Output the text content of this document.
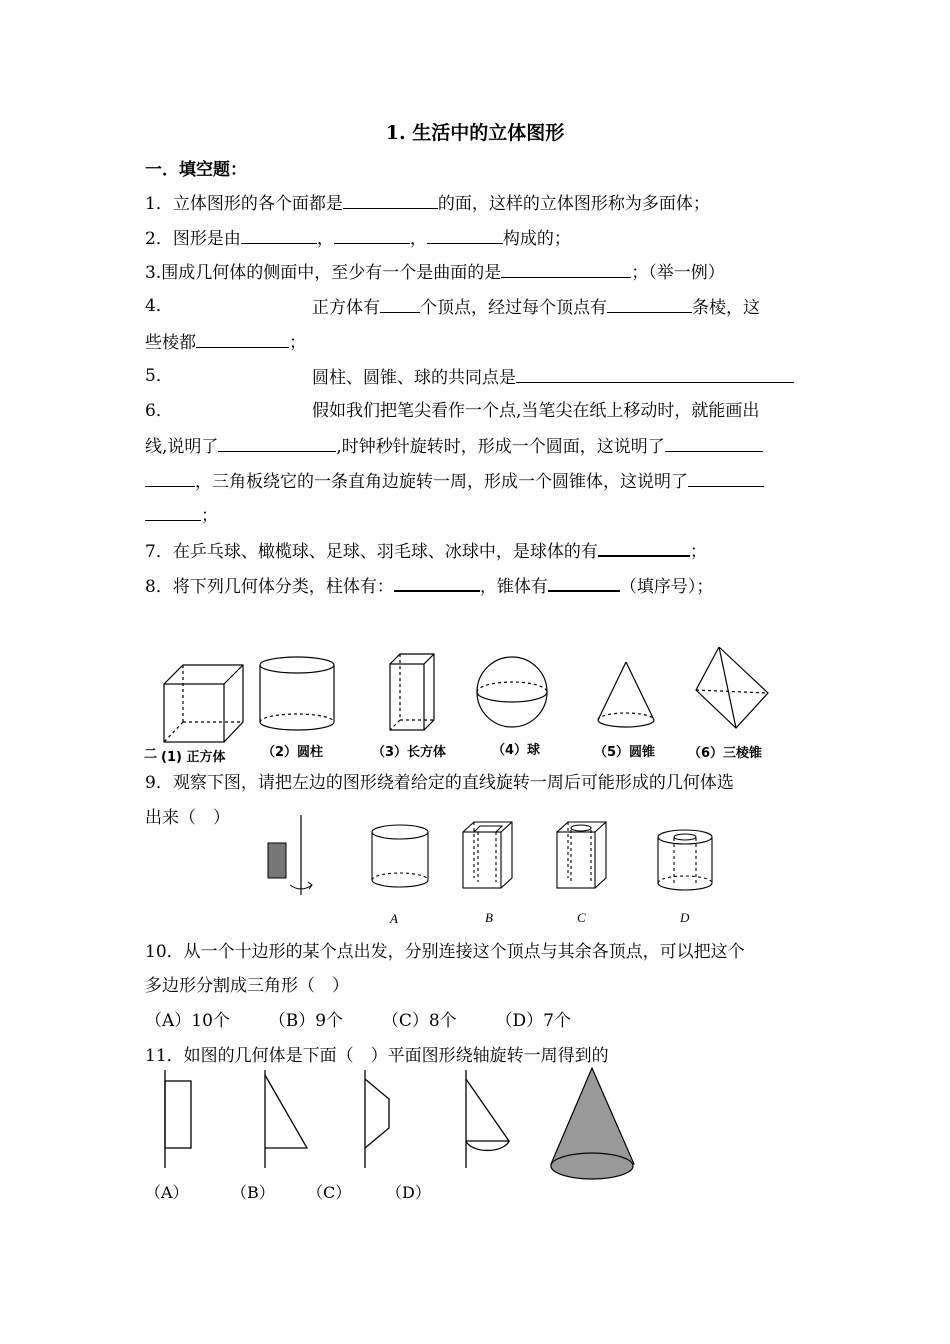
1. 生活中的立体图形
一．填空题：
1．立体图形的各个面都是	的面，这样的立体图形称为多面体；
2．图形是由	，	，	构成的；
3.围成几何体的侧面中，至少有一个是曲面的是	；（举一例）
4．	正方体有 个顶点，经过每个顶点有	条棱，这
些棱都	；
5．	圆柱、圆锥、球的共同点是
6．	假如我们把笔尖看作一个点,当笔尖在纸上移动时，就能画出
线,说明了	,时钟秒针旋转时，形成一个圆面，这说明了
，三角板绕它的一条直角边旋转一周，形成一个圆锥体，这说明了
；
7．在乒乓球、橄榄球、足球、羽毛球、冰球中，是球体的有	；
8．将下列几何体分类，柱体有：	，锥体有	（填序号）；
二 (1) 正方体	（2）圆柱	（3）长方体	（4）球	（5）圆锥	（6）三棱锥
9．观察下图，请把左边的图形绕着给定的直线旋转一周后可能形成的几何体选
出来（　）
A	B	C	D
10．从一个十边形的某个点出发，分别连接这个顶点与其余各顶点，可以把这个
多边形分割成三角形（　）
（A）10个 （B）9个 （C）8个 （D）7个
11．如图的几何体是下面（　）平面图形绕轴旋转一周得到的
（A）	（B） （C） （D）
